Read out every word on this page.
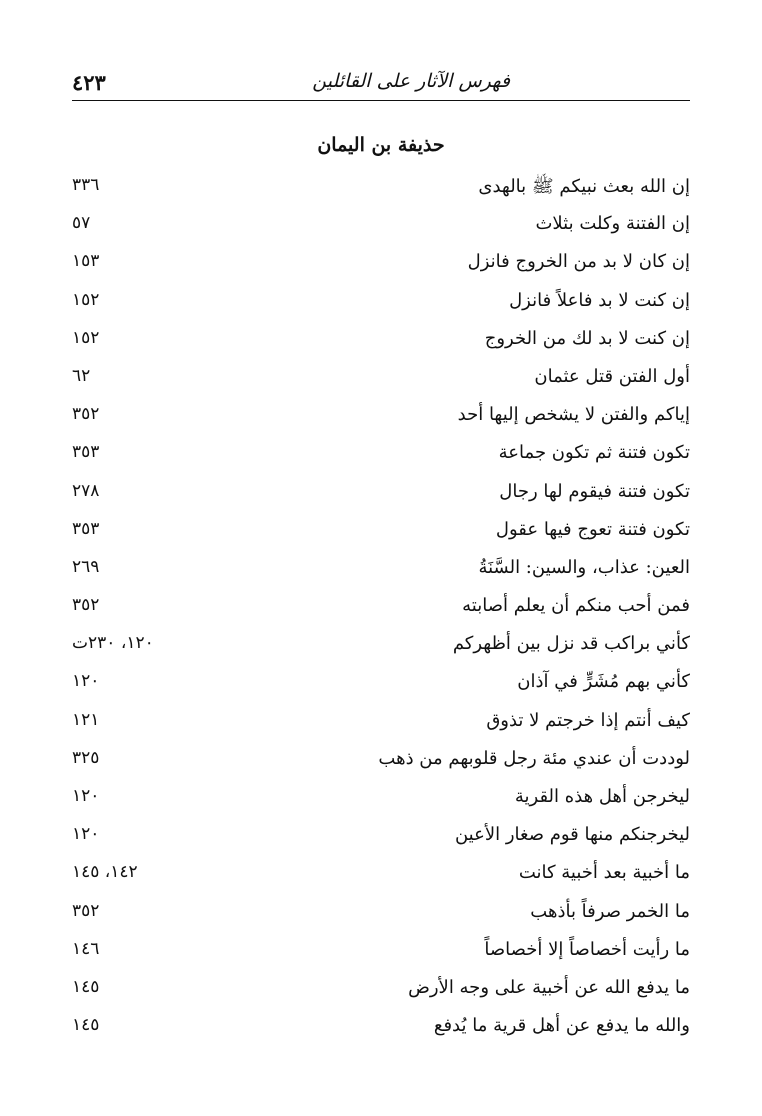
فهرس الآثار على القائلين
٤٢٣
حذيفة بن اليمان
إن الله بعث نبيكم ﷺ بالهدى
٣٣٦
إن الفتنة وكلت بثلاث
٥٧
إن كان لا بد من الخروج فانزل
١٥٣
إن كنت لا بد فاعلاً فانزل
١٥٢
إن كنت لا بد لك من الخروج
١٥٢
أول الفتن قتل عثمان
٦٢
إياكم والفتن لا يشخص إليها أحد
٣٥٢
تكون فتنة ثم تكون جماعة
٣٥٣
تكون فتنة فيقوم لها رجال
٢٧٨
تكون فتنة تعوج فيها عقول
٣٥٣
العين: عذاب، والسين: السَّنَةُ
٢٦٩
فمن أحب منكم أن يعلم أصابته
٣٥٢
كأني براكب قد نزل بين أظهركم
١٢٠، ٢٣٠ت
كأني بهم مُشَرٍّ في آذان
١٢٠
كيف أنتم إذا خرجتم لا تذوق
١٢١
لوددت أن عندي مئة رجل قلوبهم من ذهب
٣٢٥
ليخرجن أهل هذه القرية
١٢٠
ليخرجنكم منها قوم صغار الأعين
١٢٠
ما أخبية بعد أخبية كانت
١٤٢، ١٤٥
ما الخمر صرفاً بأذهب
٣٥٢
ما رأيت أخصاصاً إلا أخصاصاً
١٤٦
ما يدفع الله عن أخبية على وجه الأرض
١٤٥
والله ما يدفع عن أهل قرية ما يُدفع
١٤٥
